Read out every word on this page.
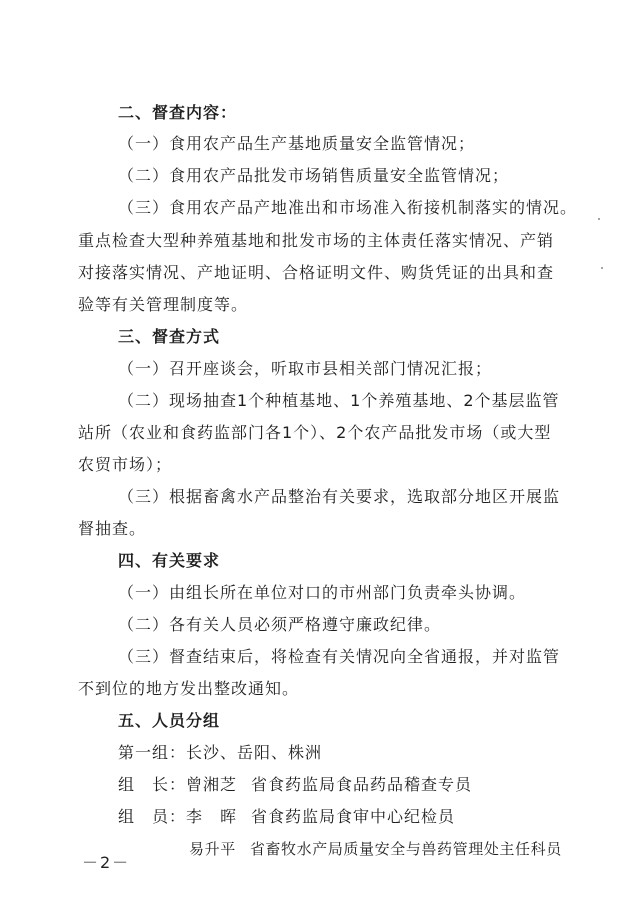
二、督查内容：
（一）食用农产品生产基地质量安全监管情况；
（二）食用农产品批发市场销售质量安全监管情况；
（三）食用农产品产地准出和市场准入衔接机制落实的情况。
重点检查大型种养殖基地和批发市场的主体责任落实情况、产销
对接落实情况、产地证明、合格证明文件、购货凭证的出具和查
验等有关管理制度等。
三、督查方式
（一）召开座谈会，听取市县相关部门情况汇报；
（二）现场抽查1个种植基地、1个养殖基地、2个基层监管
站所（农业和食药监部门各1个）、2个农产品批发市场（或大型
农贸市场）；
（三）根据畜禽水产品整治有关要求，选取部分地区开展监
督抽查。
四、有关要求
（一）由组长所在单位对口的市州部门负责牵头协调。
（二）各有关人员必须严格遵守廉政纪律。
（三）督查结束后，将检查有关情况向全省通报，并对监管
不到位的地方发出整改通知。
五、人员分组
第一组：长沙、岳阳、株洲
组　长：曾湘芝 省食药监局食品药品稽查专员
组　员：李　晖 省食药监局食审中心纪检员
易升平 省畜牧水产局质量安全与兽药管理处主任科员
－2－
